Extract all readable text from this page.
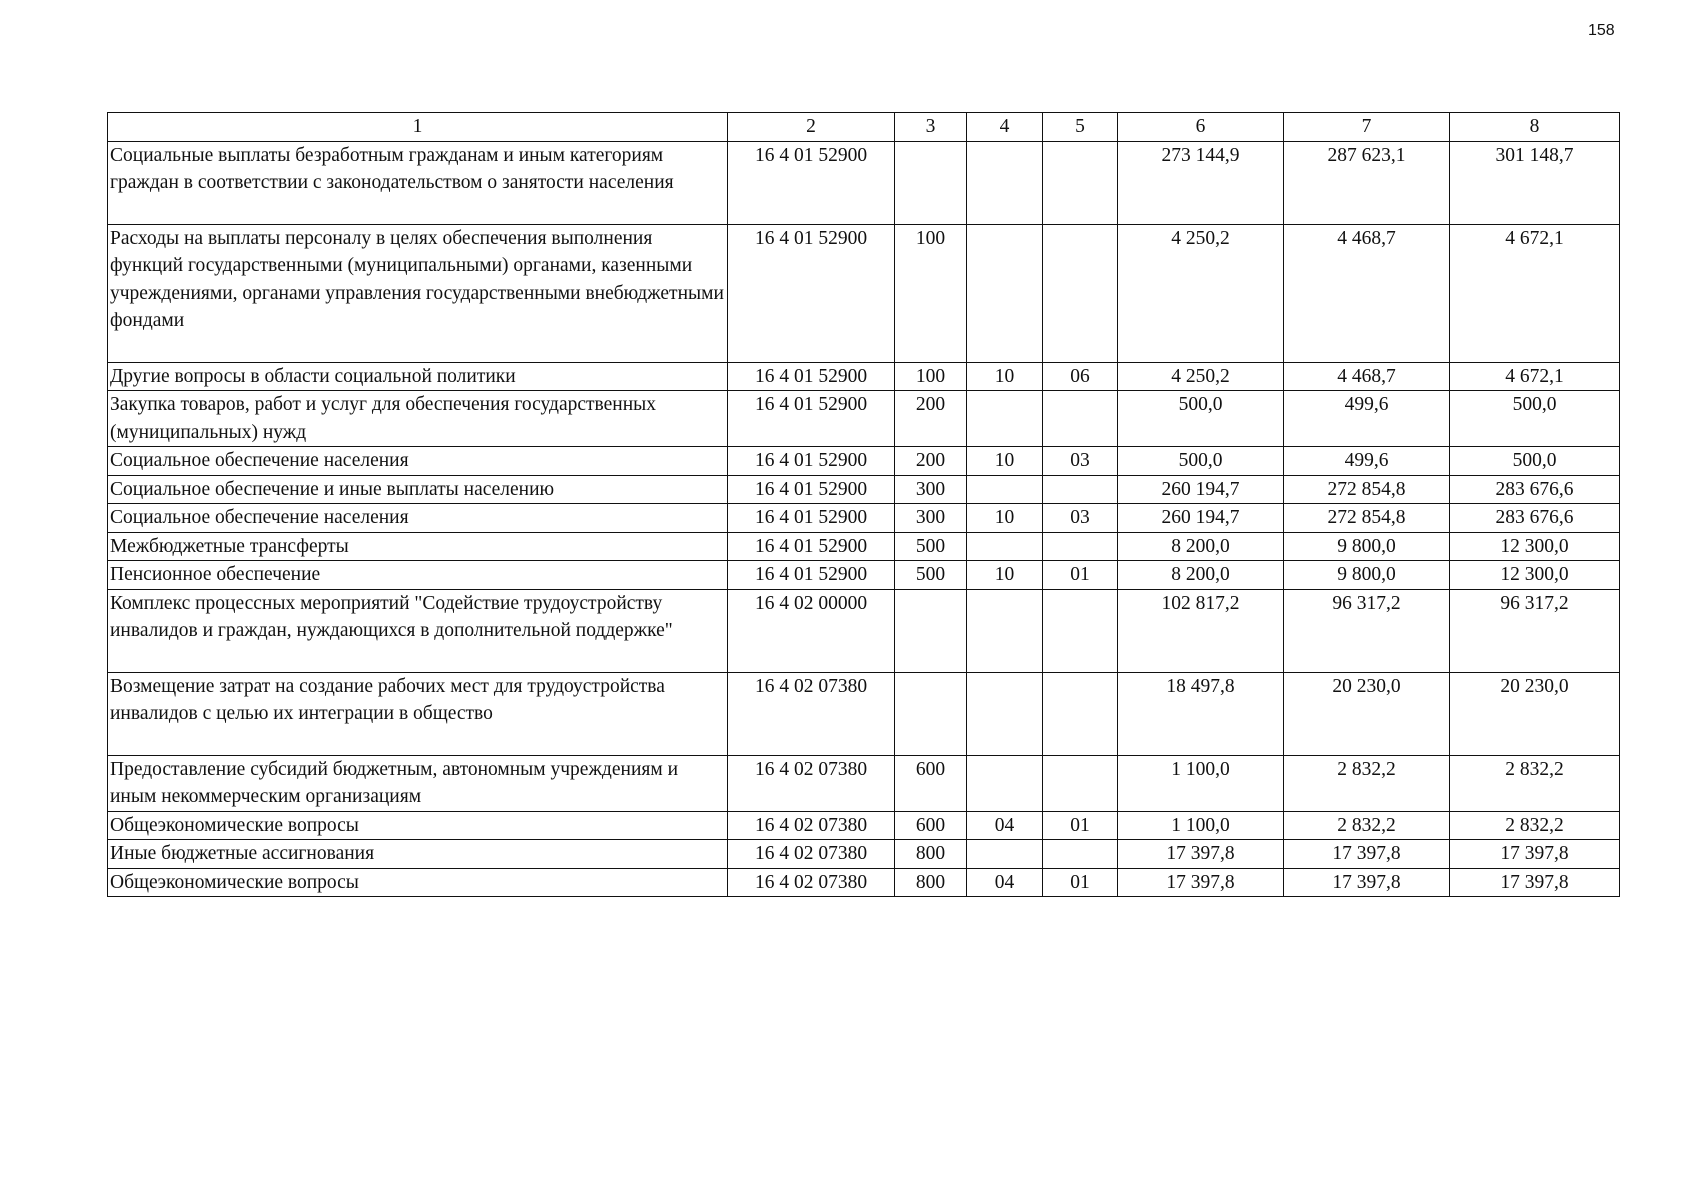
158
1	2	3	4	5	6	7	8
Социальные выплаты безработным гражданам и иным категориям граждан в соответствии с законодательством о занятости населения	16 4 01 52900				273 144,9	287 623,1	301 148,7
Расходы на выплаты персоналу в целях обеспечения выполнения функций государственными (муниципальными) органами, казенными учреждениями, органами управления государственными внебюджетными фондами	16 4 01 52900	100			4 250,2	4 468,7	4 672,1
Другие вопросы в области социальной политики	16 4 01 52900	100	10	06	4 250,2	4 468,7	4 672,1
Закупка товаров, работ и услуг для обеспечения государственных (муниципальных) нужд	16 4 01 52900	200			500,0	499,6	500,0
Социальное обеспечение населения	16 4 01 52900	200	10	03	500,0	499,6	500,0
Социальное обеспечение и иные выплаты населению	16 4 01 52900	300			260 194,7	272 854,8	283 676,6
Социальное обеспечение населения	16 4 01 52900	300	10	03	260 194,7	272 854,8	283 676,6
Межбюджетные трансферты	16 4 01 52900	500			8 200,0	9 800,0	12 300,0
Пенсионное обеспечение	16 4 01 52900	500	10	01	8 200,0	9 800,0	12 300,0
Комплекс процессных мероприятий "Содействие трудоустройству инвалидов и граждан, нуждающихся в дополнительной поддержке"	16 4 02 00000				102 817,2	96 317,2	96 317,2
Возмещение затрат на создание рабочих мест для трудоустройства инвалидов с целью их интеграции в общество	16 4 02 07380				18 497,8	20 230,0	20 230,0
Предоставление субсидий бюджетным, автономным учреждениям и иным некоммерческим организациям	16 4 02 07380	600			1 100,0	2 832,2	2 832,2
Общеэкономические вопросы	16 4 02 07380	600	04	01	1 100,0	2 832,2	2 832,2
Иные бюджетные ассигнования	16 4 02 07380	800			17 397,8	17 397,8	17 397,8
Общеэкономические вопросы	16 4 02 07380	800	04	01	17 397,8	17 397,8	17 397,8
